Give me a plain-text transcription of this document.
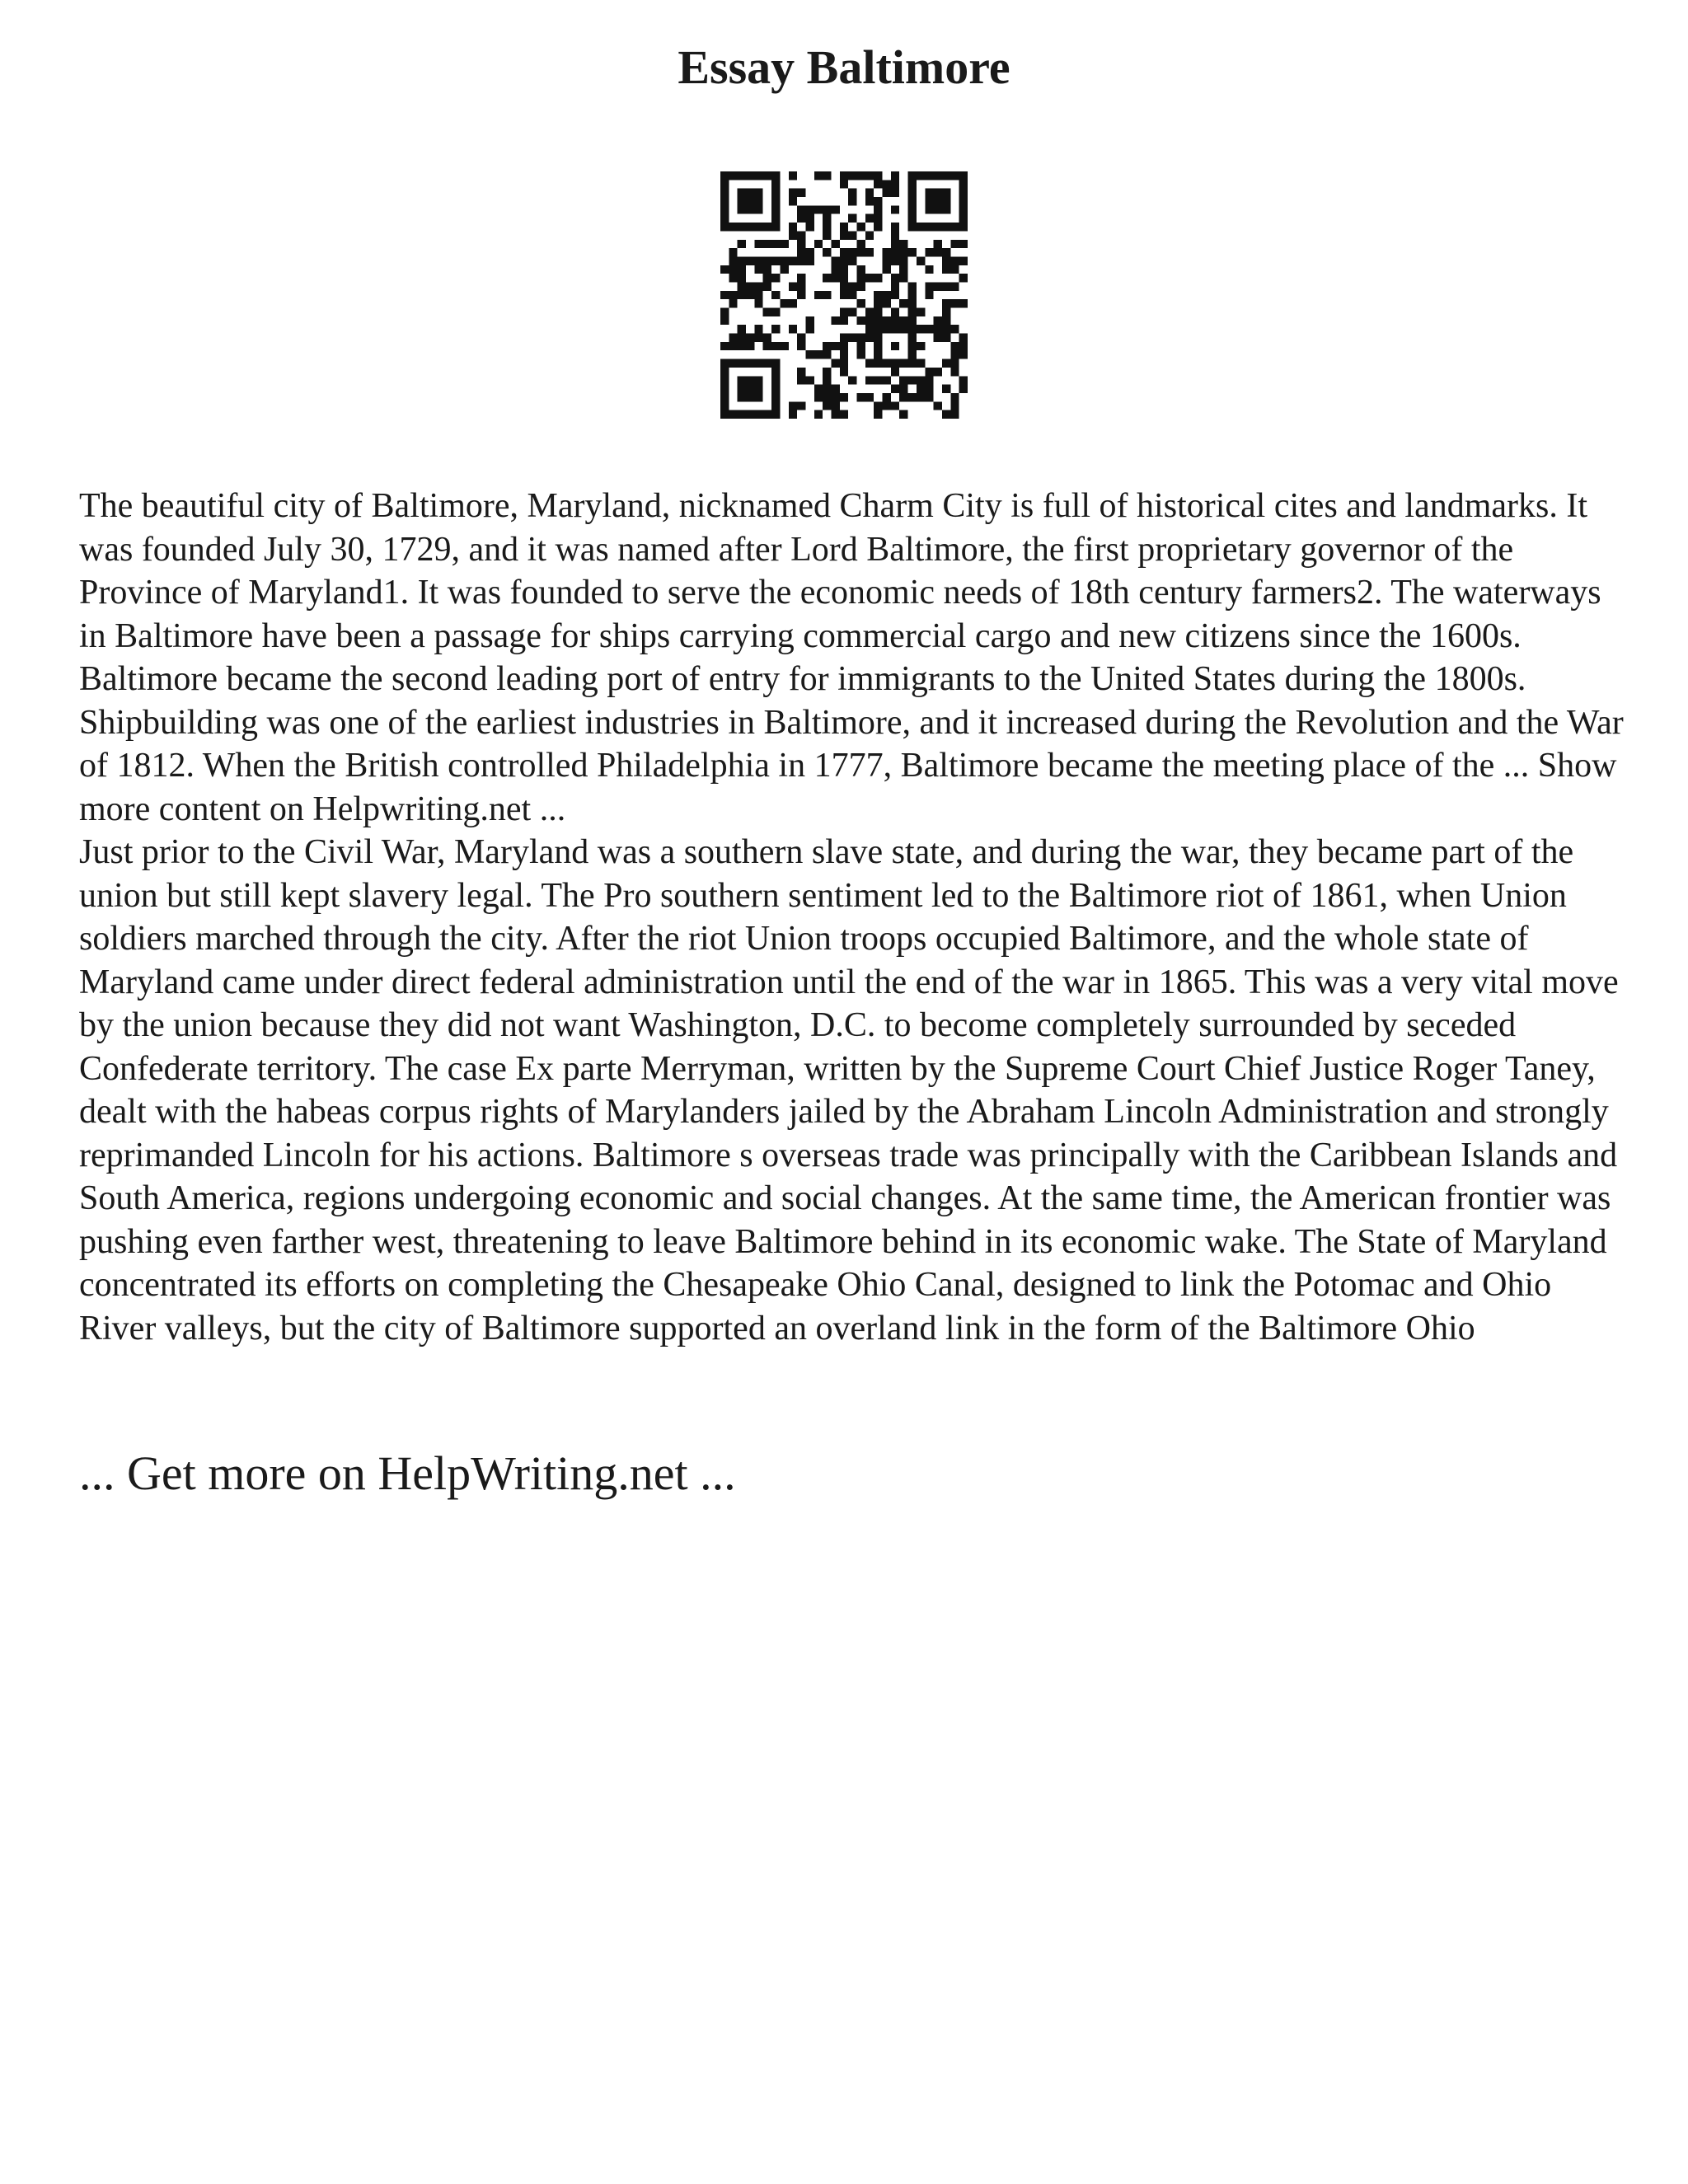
Essay Baltimore

The beautiful city of Baltimore, Maryland, nicknamed Charm City is full of historical cites and landmarks. It was founded July 30, 1729, and it was named after Lord Baltimore, the first proprietary governor of the Province of Maryland1. It was founded to serve the economic needs of 18th century farmers2. The waterways in Baltimore have been a passage for ships carrying commercial cargo and new citizens since the 1600s. Baltimore became the second leading port of entry for immigrants to the United States during the 1800s. Shipbuilding was one of the earliest industries in Baltimore, and it increased during the Revolution and the War of 1812. When the British controlled Philadelphia in 1777, Baltimore became the meeting place of the ... Show more content on Helpwriting.net ...

Just prior to the Civil War, Maryland was a southern slave state, and during the war, they became part of the union but still kept slavery legal. The Pro southern sentiment led to the Baltimore riot of 1861, when Union soldiers marched through the city. After the riot Union troops occupied Baltimore, and the whole state of Maryland came under direct federal administration until the end of the war in 1865. This was a very vital move by the union because they did not want Washington, D.C. to become completely surrounded by seceded Confederate territory. The case Ex parte Merryman, written by the Supreme Court Chief Justice Roger Taney, dealt with the habeas corpus rights of Marylanders jailed by the Abraham Lincoln Administration and strongly reprimanded Lincoln for his actions. Baltimore s overseas trade was principally with the Caribbean Islands and South America, regions undergoing economic and social changes. At the same time, the American frontier was pushing even farther west, threatening to leave Baltimore behind in its economic wake. The State of Maryland concentrated its efforts on completing the Chesapeake Ohio Canal, designed to link the Potomac and Ohio River valleys, but the city of Baltimore supported an overland link in the form of the Baltimore Ohio

... Get more on HelpWriting.net ...
